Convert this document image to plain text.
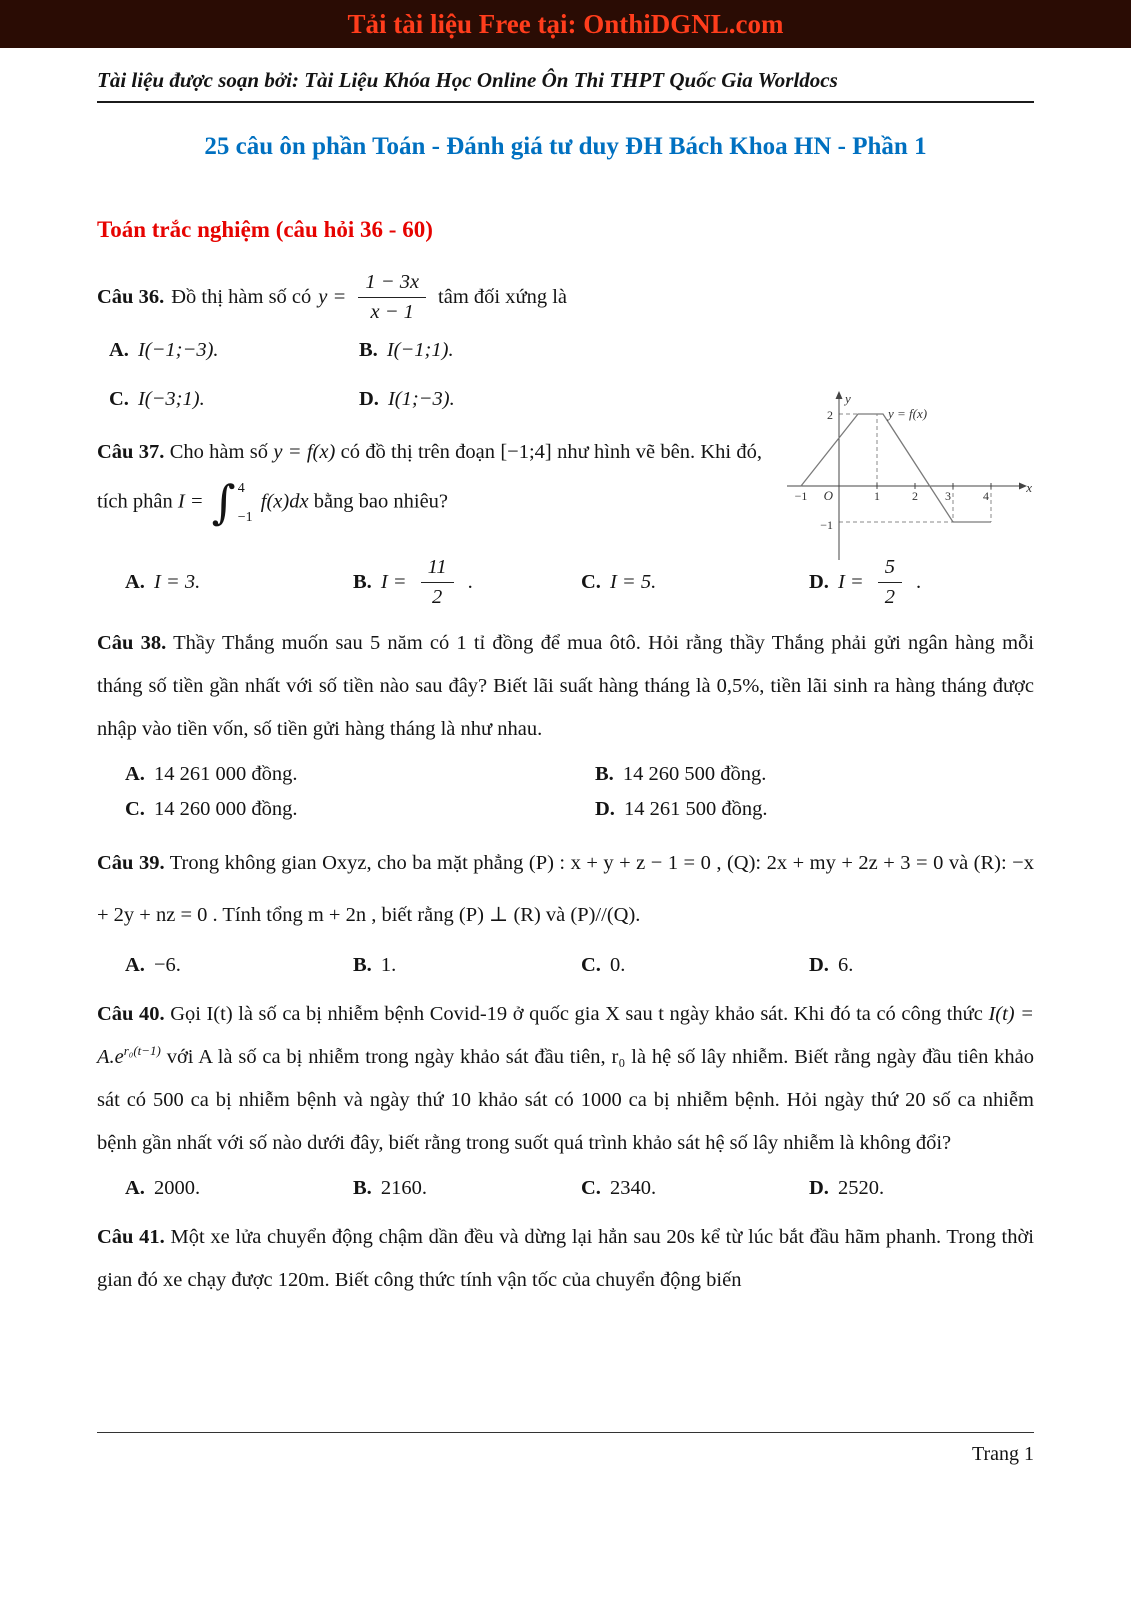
Tải tài liệu Free tại: OnthiDGNL.com
Tài liệu được soạn bởi: Tài Liệu Khóa Học Online Ôn Thi THPT Quốc Gia Worldocs
25 câu ôn phần Toán - Đánh giá tư duy ĐH Bách Khoa HN - Phần 1
Toán trắc nghiệm (câu hỏi 36 - 60)
Câu 36. Đồ thị hàm số có $y = \frac{1 - 3x}{x - 1}$ tâm đối xứng là
A. I(−1;−3).	B. I(−1;1).
C. I(−3;1).	D. I(1;−3).

Câu 37. Cho hàm số y = f(x) có đồ thị trên đoạn [−1;4] như hình vẽ bên. Khi đó, tích phân I = ∫ 4
−1
f(x)dx bằng bao nhiêu?

A. I = 3.	B. $I = \frac{11}{2}$ .	C. I = 5.	D. $I = \frac{5}{2}$ .

Câu 38. Thầy Thắng muốn sau 5 năm có 1 tỉ đồng để mua ôtô. Hỏi rằng thầy Thắng phải gửi ngân hàng mỗi tháng số tiền gần nhất với số tiền nào sau đây? Biết lãi suất hàng tháng là 0,5%, tiền lãi sinh ra hàng tháng được nhập vào tiền vốn, số tiền gửi hàng tháng là như nhau.

A. 14 261 000 đồng.	B. 14 260 500 đồng.
C. 14 260 000 đồng.	D. 14 261 500 đồng.

Câu 39. Trong không gian Oxyz, cho ba mặt phẳng (P) : x + y + z − 1 = 0 , (Q): 2x + my + 2z + 3 = 0 và (R): −x + 2y + nz = 0 . Tính tổng m + 2n , biết rằng (P) ⊥ (R) và (P)//(Q).

A. −6.	B. 1.	C. 0.	D. 6.

Câu 40. Gọi I(t) là số ca bị nhiễm bệnh Covid-19 ở quốc gia X sau t ngày khảo sát. Khi đó ta có công thức $I(t) = A.e^{r_0(t-1)}$ với A là số ca bị nhiễm trong ngày khảo sát đầu tiên, r₀ là hệ số lây nhiễm. Biết rằng ngày đầu tiên khảo sát có 500 ca bị nhiễm bệnh và ngày thứ 10 khảo sát có 1000 ca bị nhiễm bệnh. Hỏi ngày thứ 20 số ca nhiễm bệnh gần nhất với số nào dưới đây, biết rằng trong suốt quá trình khảo sát hệ số lây nhiễm là không đổi?

A. 2000.	B. 2160.	C. 2340.	D. 2520.

Câu 41. Một xe lửa chuyển động chậm dần đều và dừng lại hẳn sau 20s kể từ lúc bắt đầu hãm phanh. Trong thời gian đó xe chạy được 120m. Biết công thức tính vận tốc của chuyển động biến

y
x
O
y = f(x)
2
−1
−1	1	2 3	4
Trang 1
